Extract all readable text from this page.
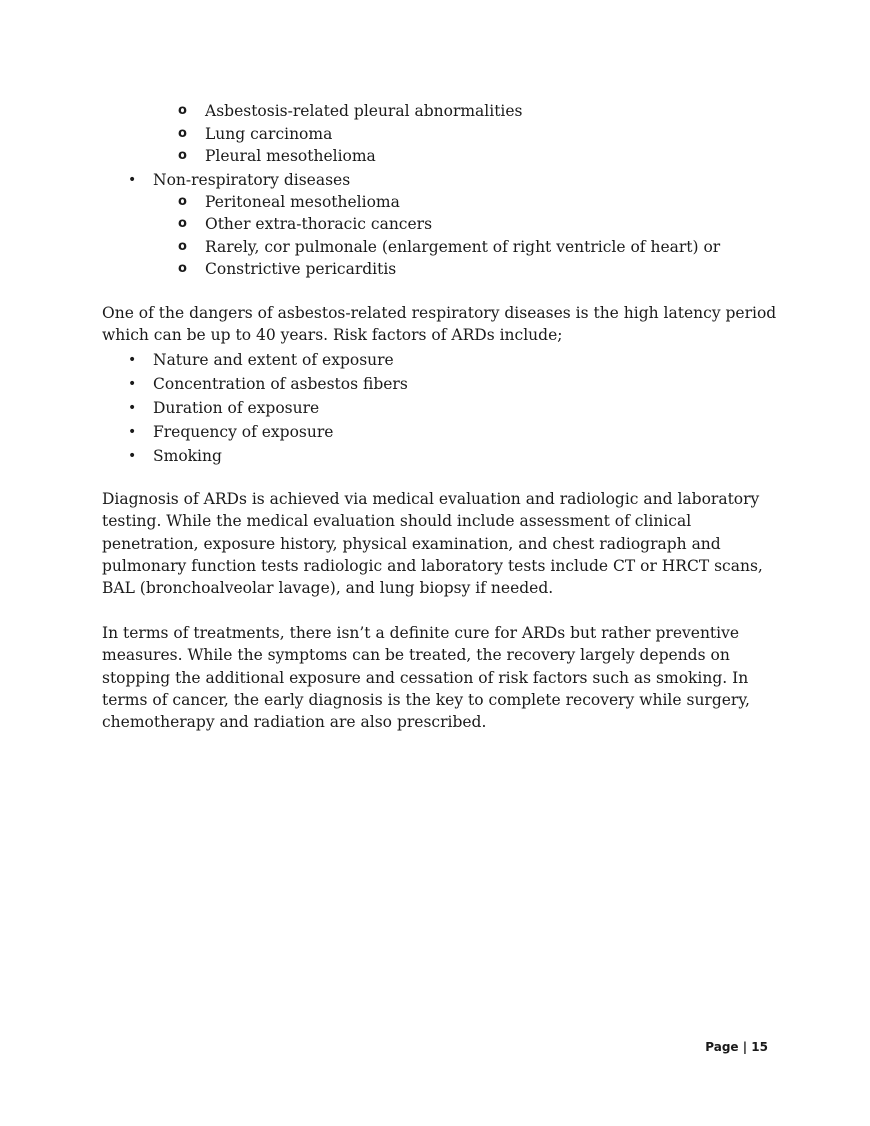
o Asbestosis-related pleural abnormalities
o Lung carcinoma
o Pleural mesothelioma
• Non-respiratory diseases
o Peritoneal mesothelioma
o Other extra-thoracic cancers
o Rarely, cor pulmonale (enlargement of right ventricle of heart) or
o Constrictive pericarditis

One of the dangers of asbestos-related respiratory diseases is the high latency period which can be up to 40 years. Risk factors of ARDs include;

• Nature and extent of exposure
• Concentration of asbestos fibers
• Duration of exposure
• Frequency of exposure
• Smoking

Diagnosis of ARDs is achieved via medical evaluation and radiologic and laboratory testing. While the medical evaluation should include assessment of clinical penetration, exposure history, physical examination, and chest radiograph and pulmonary function tests radiologic and laboratory tests include CT or HRCT scans, BAL (bronchoalveolar lavage), and lung biopsy if needed.

In terms of treatments, there isn’t a definite cure for ARDs but rather preventive measures. While the symptoms can be treated, the recovery largely depends on stopping the additional exposure and cessation of risk factors such as smoking. In terms of cancer, the early diagnosis is the key to complete recovery while surgery, chemotherapy and radiation are also prescribed.

Page | 15
